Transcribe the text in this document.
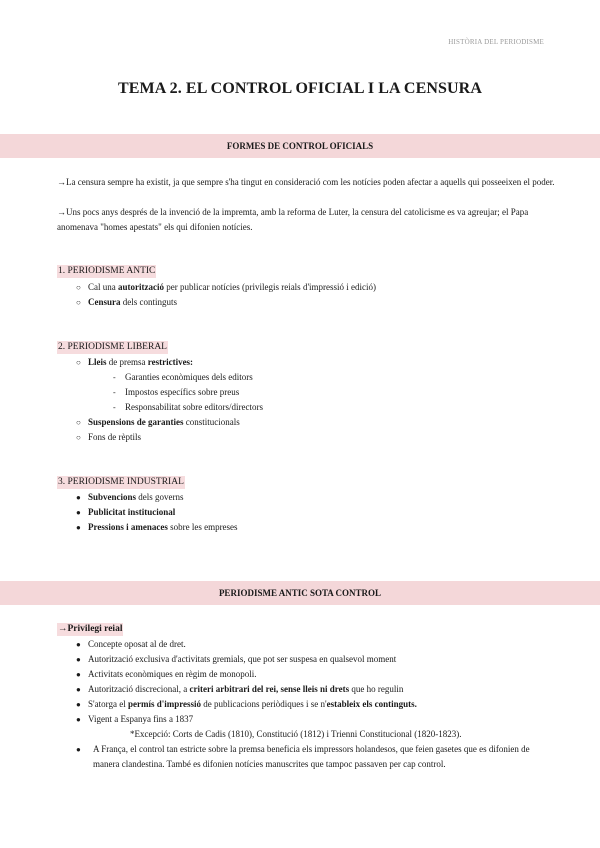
HISTÒRIA DEL PERIODISME
TEMA 2. EL CONTROL OFICIAL I LA CENSURA
FORMES DE CONTROL OFICIALS
→La censura sempre ha existit, ja que sempre s'ha tingut en consideració com les notícies poden afectar a aquells qui posseeixen el poder.
→Uns pocs anys després de la invenció de la impremta, amb la reforma de Luter, la censura del catolicisme es va agreujar; el Papa anomenava "homes apestats" els qui difonien notícies.
1. PERIODISME ANTIC
○ Cal una autorització per publicar notícies (privilegis reials d'impressió i edició)
○ Censura dels continguts
2. PERIODISME LIBERAL
○ Lleis de premsa restrictives:
- Garanties econòmiques dels editors
- Impostos específics sobre preus
- Responsabilitat sobre editors/directors
○ Suspensions de garanties constitucionals
○ Fons de rèptils
3. PERIODISME INDUSTRIAL
● Subvencions dels governs
● Publicitat institucional
● Pressions i amenaces sobre les empreses
PERIODISME ANTIC SOTA CONTROL
→Privilegi reial
● Concepte oposat al de dret.
● Autorització exclusiva d'activitats gremials, que pot ser suspesa en qualsevol moment
● Activitats econòmiques en règim de monopoli.
● Autorització discrecional, a criteri arbitrari del rei, sense lleis ni drets que ho regulin
● S'atorga el permís d'impressió de publicacions periòdiques i se n'estableix els continguts.
● Vigent a Espanya fins a 1837
*Excepció: Corts de Cadis (1810), Constitució (1812) i Trienni Constitucional (1820-1823).
●	A França, el control tan estricte sobre la premsa beneficia els impressors holandesos, que feien gasetes que es difonien de manera clandestina. També es difonien notícies manuscrites que tampoc passaven per cap control.
